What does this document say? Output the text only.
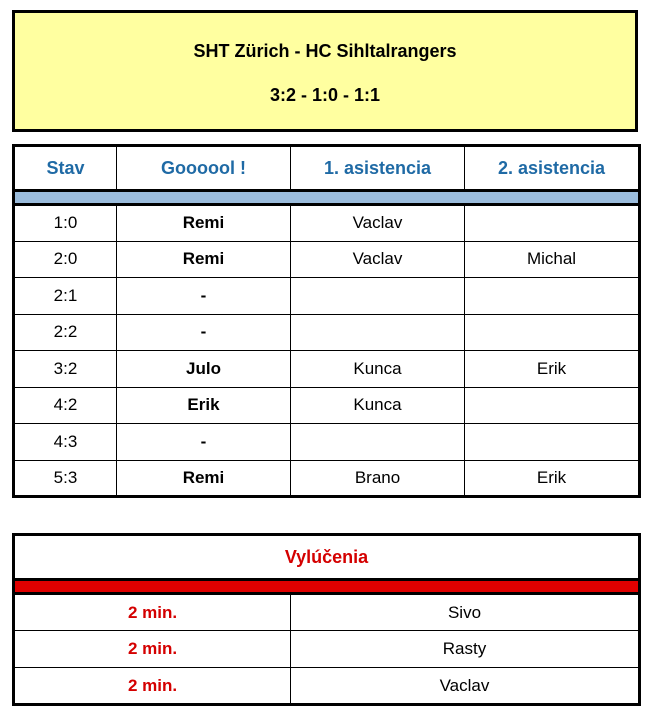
SHT Zürich - HC Sihltalrangers
3:2 - 1:0 - 1:1
Stav	Goooool !	1. asistencia	2. asistencia

1:0	Remi	Vaclav	
2:0	Remi	Vaclav	Michal
2:1	-		
2:2	-		
3:2	Julo	Kunca	Erik
4:2	Erik	Kunca	
4:3	-		
5:3	Remi	Brano	Erik
Vylúčenia	

2 min.	Sivo
2 min.	Rasty
2 min.	Vaclav
